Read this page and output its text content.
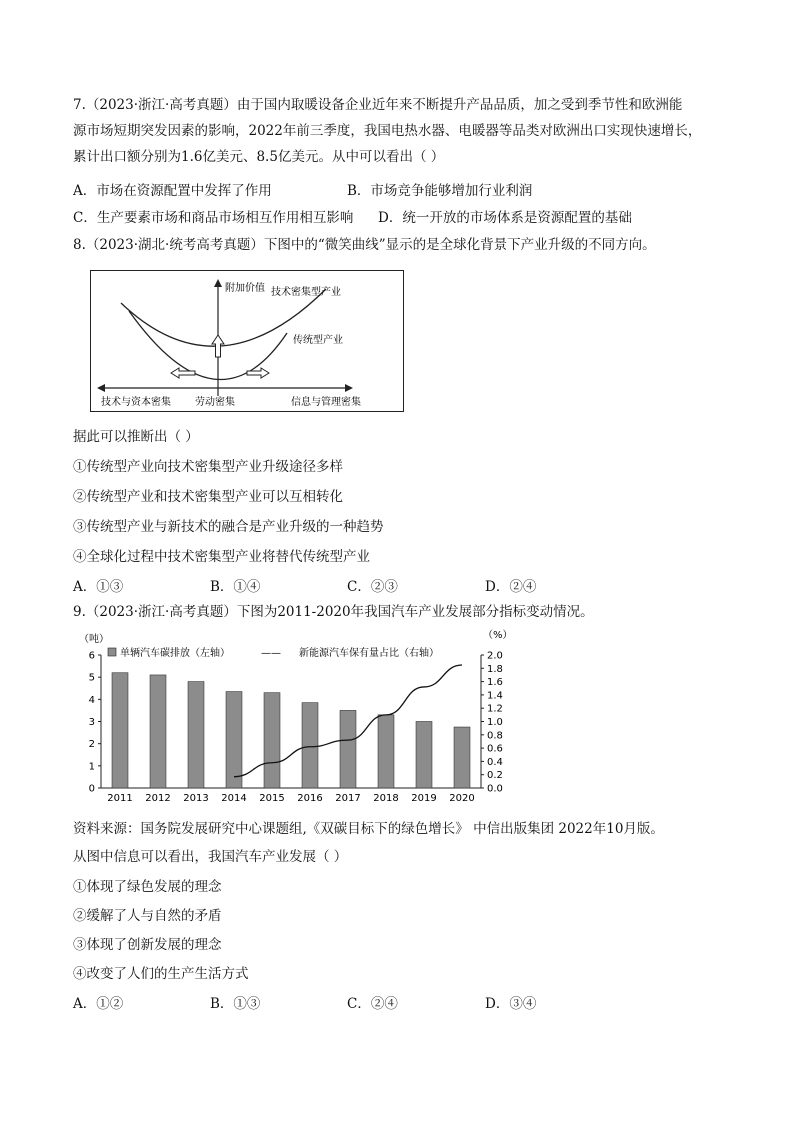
7.（2023·浙江·高考真题）由于国内取暖设备企业近年来不断提升产品品质，加之受到季节性和欧洲能
源市场短期突发因素的影响，2022年前三季度，我国电热水器、电暖器等品类对欧洲出口实现快速增长，
累计出口额分别为1.6亿美元、8.5亿美元。从中可以看出（ ）
A．市场在资源配置中发挥了作用	B．市场竞争能够增加行业利润
C．生产要素市场和商品市场相互作用相互影响 D．统一开放的市场体系是资源配置的基础
8.（2023·湖北·统考高考真题）下图中的“微笑曲线”显示的是全球化背景下产业升级的不同方向。
附加价值 技术密集型产业
传统型产业
技术与资本密集 劳动密集	信息与管理密集
据此可以推断出（ ）
①传统型产业向技术密集型产业升级途径多样
②传统型产业和技术密集型产业可以互相转化
③传统型产业与新技术的融合是产业升级的一种趋势
④全球化过程中技术密集型产业将替代传统型产业
A．①③	B．①④	C．②③	D．②④
9.（2023·浙江·高考真题）下图为2011-2020年我国汽车产业发展部分指标变动情况。
（吨）	（%）
单辆汽车碳排放（左轴）	—— 新能源汽车保有量占比（右轴）
0
1
2
3
4
5
6
0.0
0.2
0.4
0.6
0.8
1.0
1.2
1.4
1.6
1.8
2.0
2011 2012 2013 2014 2015 2016 2017 2018 2019 2020
资料来源：国务院发展研究中心课题组,《双碳目标下的绿色增长》 中信出版集团 2022年10月版。
从图中信息可以看出，我国汽车产业发展（ ）
①体现了绿色发展的理念
②缓解了人与自然的矛盾
③体现了创新发展的理念
④改变了人们的生产生活方式
A．①②	B．①③	C．②④	D．③④
